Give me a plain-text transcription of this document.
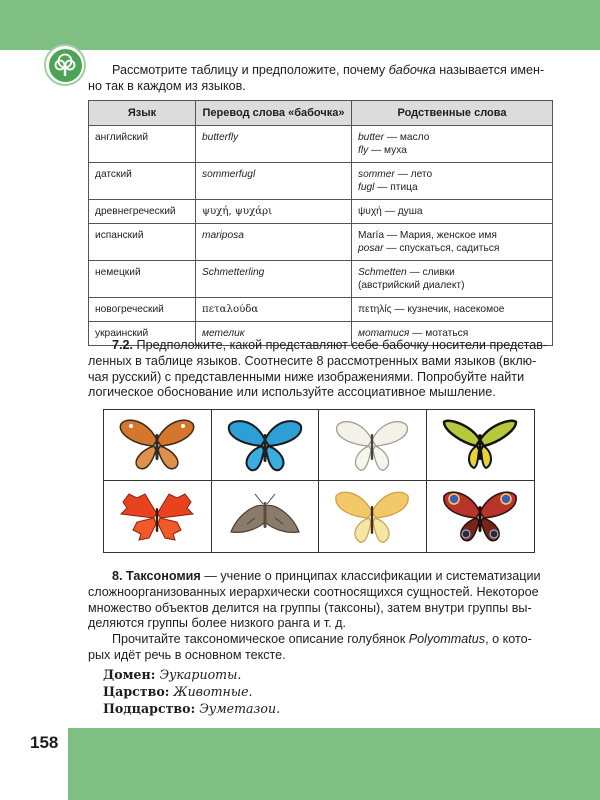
Рассмотрите таблицу и предположите, почему бабочка называется имен-
но так в каждом из языков.
Язык	Перевод слова «бабочка»	Родственные слова
английский	butterfly	butter — масло
fly — муха
датский	sommerfugl	sommer — лето
fugl — птица
древнегреческий	ψυχή, ψυχάρι	ψυχή — душа
испанский	mariposa	María — Мария, женское имя
posar — спускаться, садиться
немецкий	Schmetterling	Schmetten — сливки
(австрийский диалект)
новогреческий	πεταλούδα	πετηλίς — кузнечик, насекомое
украинский	метелик	мотатися — мотаться
7.2. Предположите, какой представляют себе бабочку носители представ-
ленных в таблице языков. Соотнесите 8 рассмотренных вами языков (вклю-
чая русский) с представленными ниже изображениями. Попробуйте найти
логическое обоснование или используйте ассоциативное мышление.
8. Таксономия — учение о принципах классификации и систематизации
сложноорганизованных иерархически соотносящихся сущностей. Некоторое
множество объектов делится на группы (таксоны), затем внутри группы вы-
деляются группы более низкого ранга и т. д.
Прочитайте таксономическое описание голубянок Polyommatus, о кото-
рых идёт речь в основном тексте.
Домен: Эукариоты.
Царство: Животные.
Подцарство: Эуметазои.
158
